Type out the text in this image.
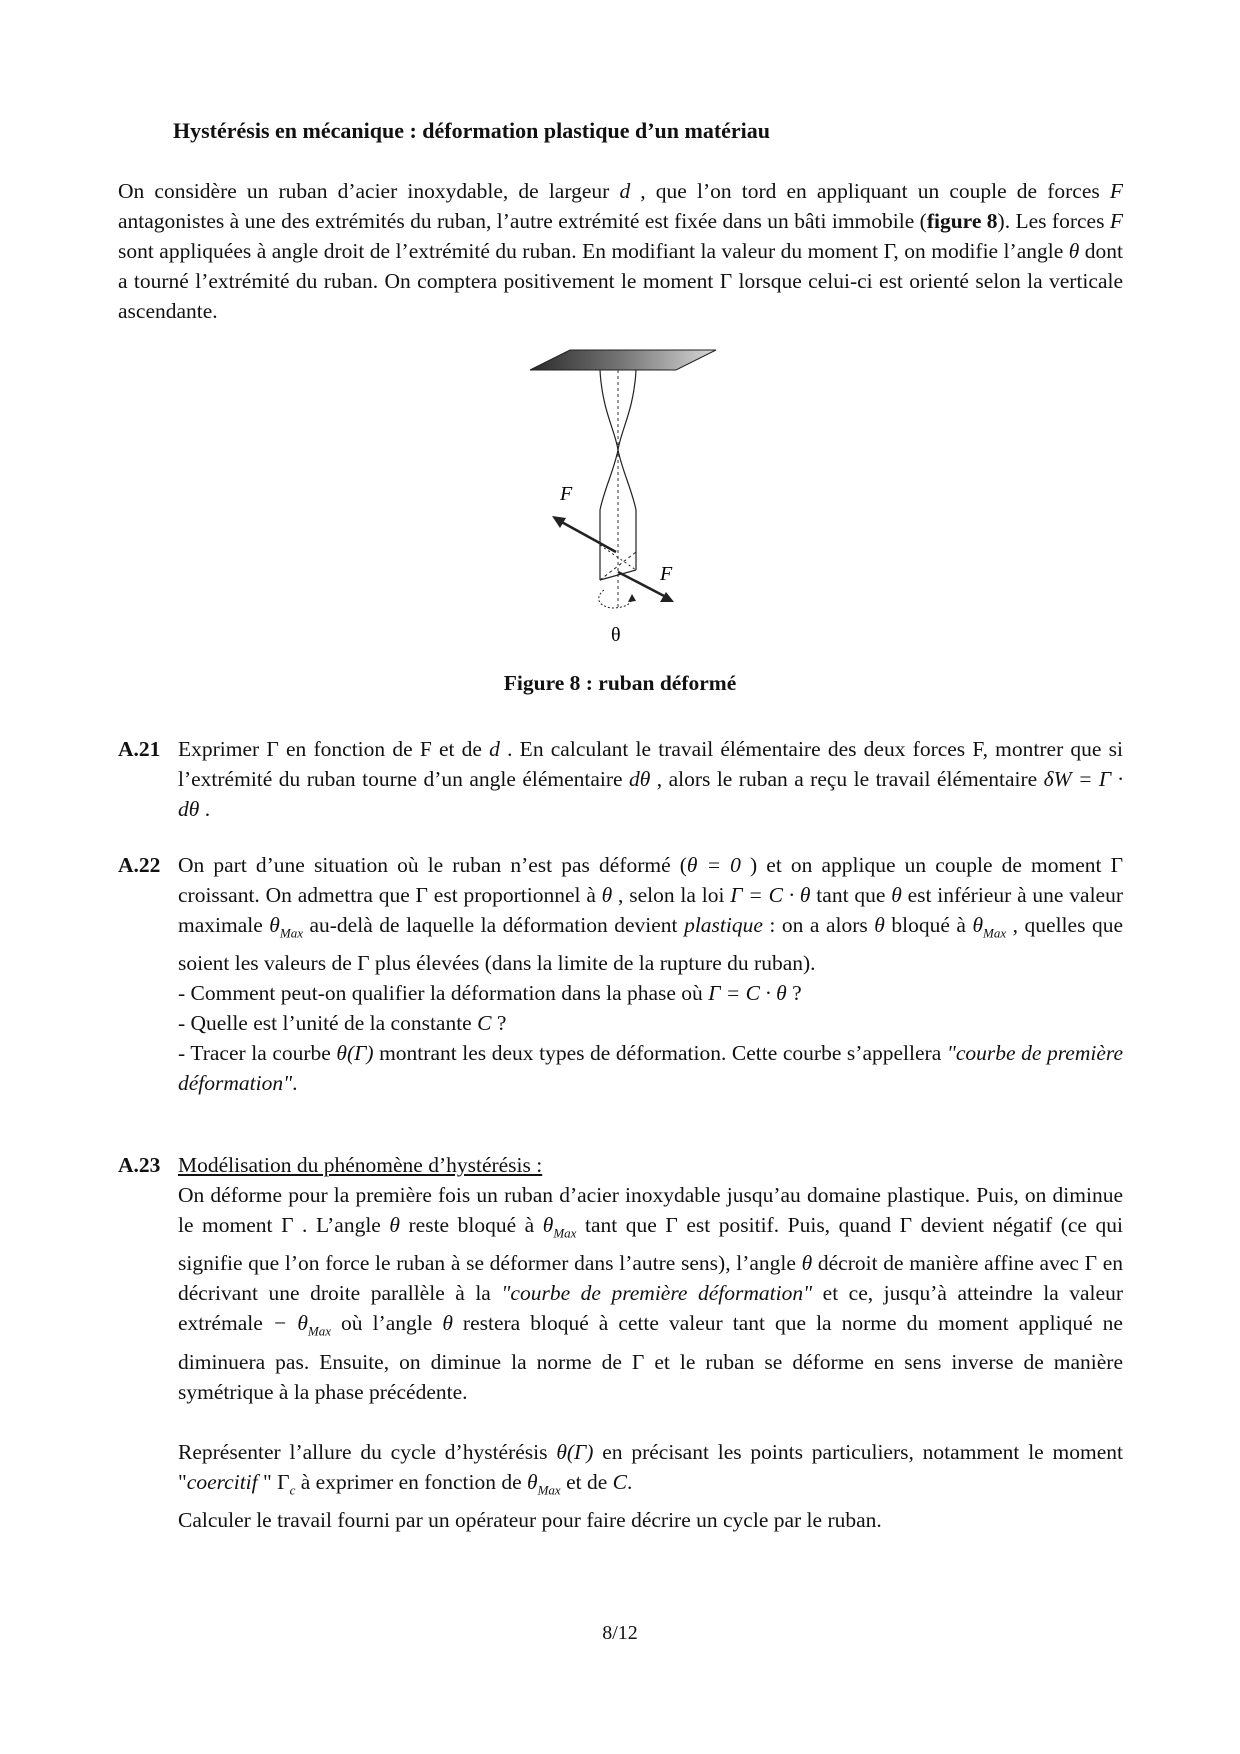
Hystérésis en mécanique : déformation plastique d’un matériau
On considère un ruban d’acier inoxydable, de largeur d , que l’on tord en appliquant un couple de forces F antagonistes à une des extrémités du ruban, l’autre extrémité est fixée dans un bâti immobile (figure 8). Les forces F sont appliquées à angle droit de l’extrémité du ruban. En modifiant la valeur du moment Γ, on modifie l’angle θ dont a tourné l’extrémité du ruban. On comptera positivement le moment Γ lorsque celui-ci est orienté selon la verticale ascendante.
F
F
θ
Figure 8 : ruban déformé
A.21 Exprimer Γ en fonction de F et de d . En calculant le travail élémentaire des deux forces F, montrer que si l’extrémité du ruban tourne d’un angle élémentaire dθ , alors le ruban a reçu le travail élémentaire δW = Γ · dθ .
A.22 On part d’une situation où le ruban n’est pas déformé (θ = 0 ) et on applique un couple de moment Γ croissant. On admettra que Γ est proportionnel à θ , selon la loi Γ = C · θ tant que θ est inférieur à une valeur maximale $\theta_{Max}$ au-delà de laquelle la déformation devient plastique : on a alors θ bloqué à $\theta_{Max}$ , quelles que soient les valeurs de Γ plus élevées (dans la limite de la rupture du ruban).

- Comment peut-on qualifier la déformation dans la phase où Γ = C · θ ?

- Quelle est l’unité de la constante C ?

- Tracer la courbe θ(Γ) montrant les deux types de déformation. Cette courbe s’appellera "courbe de première déformation".

A.23 Modélisation du phénomène d’hystérésis :

On déforme pour la première fois un ruban d’acier inoxydable jusqu’au domaine plastique. Puis, on diminue le moment Γ . L’angle θ reste bloqué à $\theta_{Max}$ tant que Γ est positif. Puis, quand Γ devient négatif (ce qui signifie que l’on force le ruban à se déformer dans l’autre sens), l’angle θ décroit de manière affine avec Γ en décrivant une droite parallèle à la "courbe de première déformation" et ce, jusqu’à atteindre la valeur extrémale − $\theta_{Max}$ où l’angle θ restera bloqué à cette valeur tant que la norme du moment appliqué ne diminuera pas. Ensuite, on diminue la norme de Γ et le ruban se déforme en sens inverse de manière symétrique à la phase précédente.

Représenter l’allure du cycle d’hystérésis θ(Γ) en précisant les points particuliers, notamment le moment "coercitif " $\Gamma_c$ à exprimer en fonction de $\theta_{Max}$ et de C.

Calculer le travail fourni par un opérateur pour faire décrire un cycle par le ruban.

8/12
